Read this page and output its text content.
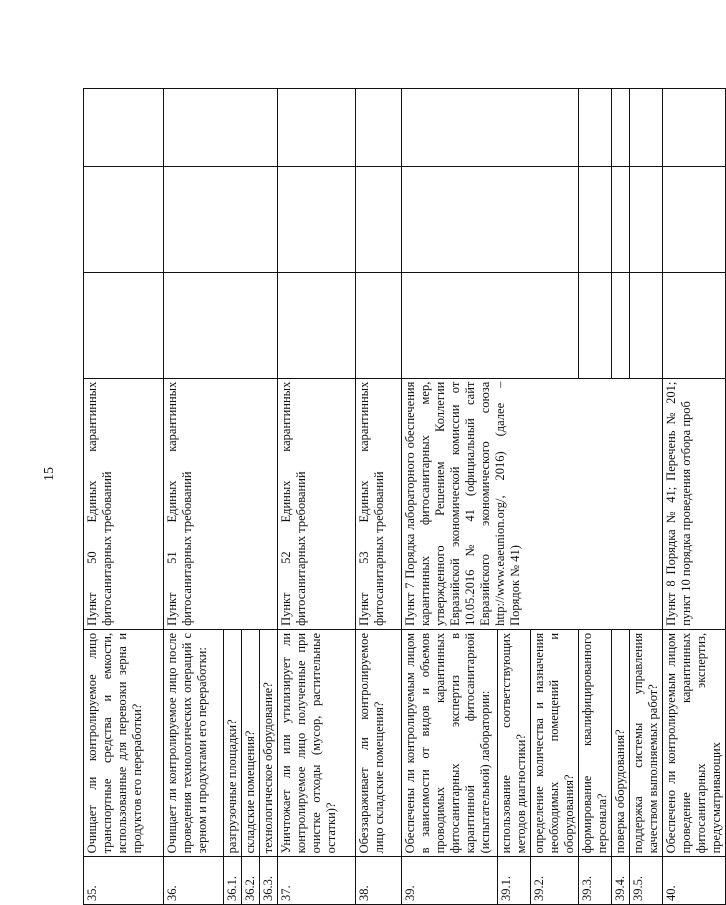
15
35.	Очищает ли контролируемое лицо транспортные средства и емкости, использованные для перевозки зерна и продуктов его переработки?	Пункт 50 Единых карантинных фитосанитарных требований			
36.	Очищает ли контролируемое лицо после проведения технологических операций с зерном и продуктами его переработки:	Пункт 51 Единых карантинных фитосанитарных требований			
36.1.	разгрузочные площадки?				
36.2.	складские помещения?				
36.3.	технологическое оборудование?				
37.	Уничтожает ли или утилизирует ли контролируемое лицо полученные при очистке отходы (мусор, растительные остатки)?	Пункт 52 Единых карантинных фитосанитарных требований			
38.	Обеззараживает ли контролируемое лицо складские помещения?	Пункт 53 Единых карантинных фитосанитарных требований			
39.	Обеспечены ли контролируемым лицом в зависимости от видов и объемов проводимых карантинных фитосанитарных экспертиз в карантинной фитосанитарной (испытательной) лаборатории:	Пункт 7 Порядка лабораторного обеспечения карантинных фитосанитарных мер, утвержденного Решением Коллегии Евразийской экономической комиссии от 10.05.2016 № 41 (официальный сайт Евразийского экономического союза http://www.eaeunion.org/, 2016) (далее – Порядок № 41)			
39.1.	использование соответствующих методов диагностики?				
39.2.	определение количества и назначения необходимых помещений и оборудования?				
39.3.	формирование квалифицированного персонала?				
39.4.	поверка оборудования?				
39.5.	поддержка системы управления качеством выполняемых работ?				
40.	Обеспечено ли контролируемым лицом проведение карантинных фитосанитарных экспертиз, предусматривающих	Пункт 8 Порядка № 41; Перечень № 201; пункт 10 порядка проведения отбора проб			
